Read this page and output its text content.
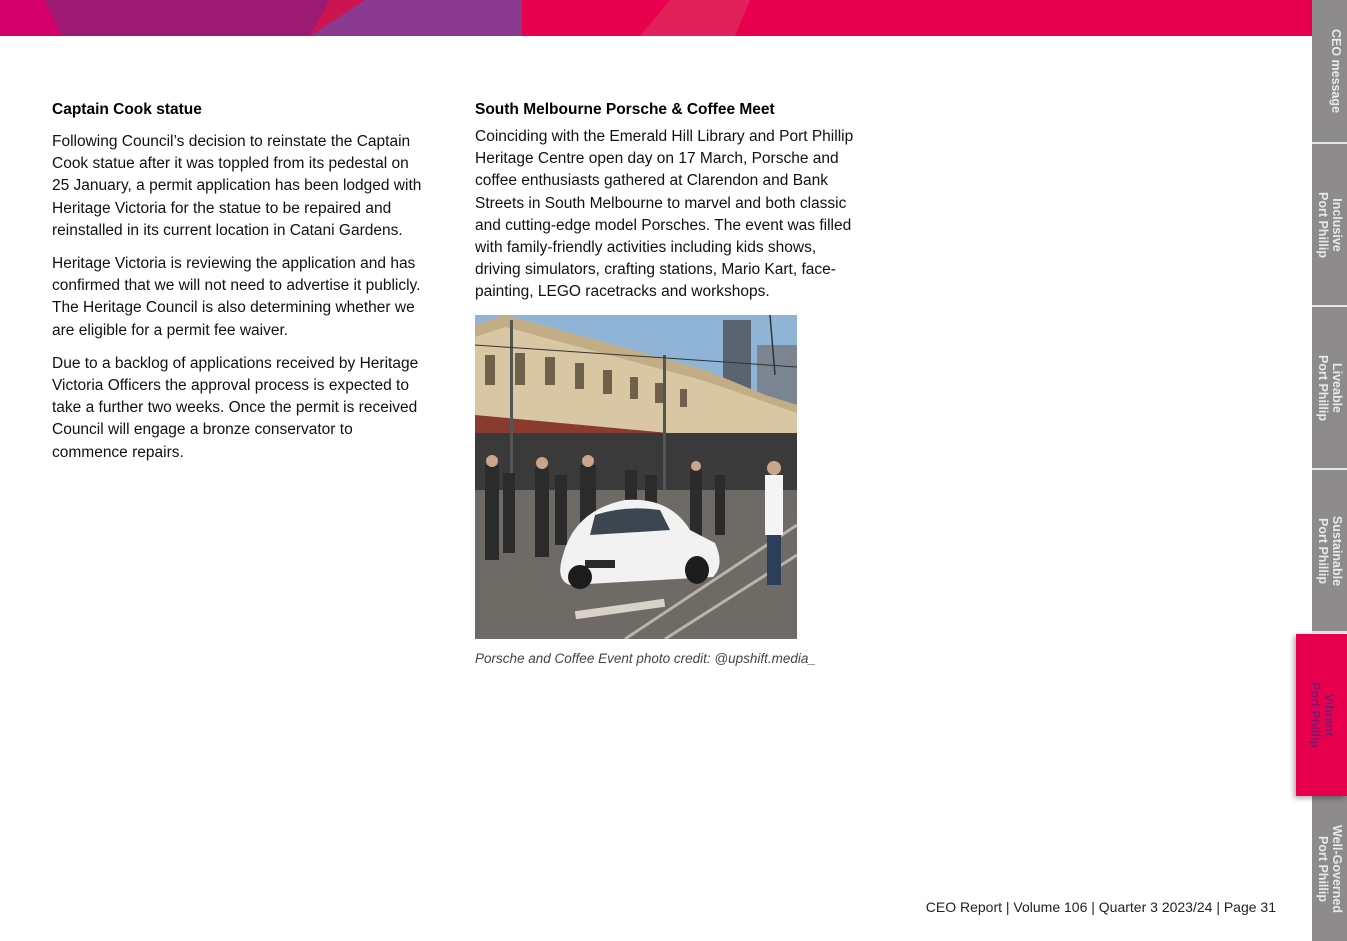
Captain Cook statue

Following Council’s decision to reinstate the Captain Cook statue after it was toppled from its pedestal on 25 January, a permit application has been lodged with Heritage Victoria for the statue to be repaired and reinstalled in its current location in Catani Gardens.

Heritage Victoria is reviewing the application and has confirmed that we will not need to advertise it publicly. The Heritage Council is also determining whether we are eligible for a permit fee waiver.

Due to a backlog of applications received by Heritage Victoria Officers the approval process is expected to take a further two weeks. Once the permit is received Council will engage a bronze conservator to commence repairs.

South Melbourne Porsche & Coffee Meet

Coinciding with the Emerald Hill Library and Port Phillip Heritage Centre open day on 17 March, Porsche and coffee enthusiasts gathered at Clarendon and Bank Streets in South Melbourne to marvel and both classic and cutting-edge model Porsches. The event was filled with family-friendly activities including kids shows, driving simulators, crafting stations, Mario Kart, face-painting, LEGO racetracks and workshops.

Porsche and Coffee Event photo credit: @upshift.media_
CEO Report | Volume 106 | Quarter 3 2023/24 | Page 31
CEO message
Inclusive
Port Phillip
Liveable
Port Phillip
Sustainable
Port Phillip
Well-Governed
Port Phillip
Vibrant
Port Phillip
